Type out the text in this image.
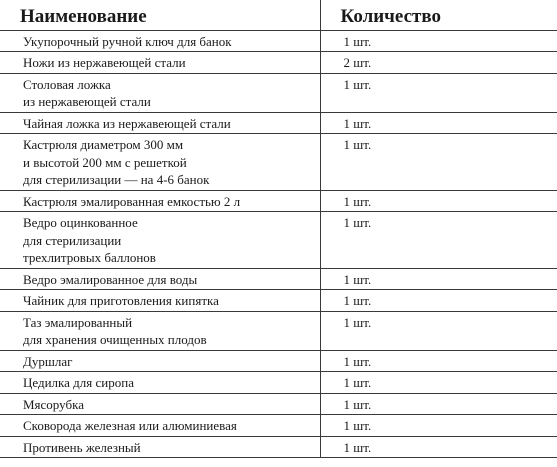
Наименование	Количество

Укупорочный ручной ключ для банок	1 шт.

Ножи из нержавеющей стали	2 шт.

Столовая ложка
из нержавеющей стали	1 шт.

Чайная ложка из нержавеющей стали	1 шт.

Кастрюля диаметром 300 мм
и высотой 200 мм с решеткой
для стерилизации — на 4-6 банок	1 шт.

Кастрюля эмалированная емкостью 2 л	1 шт.

Ведро оцинкованное
для стерилизации
трехлитровых баллонов	1 шт.

Ведро эмалированное для воды	1 шт.

Чайник для приготовления кипятка	1 шт.

Таз эмалированный
для хранения очищенных плодов	1 шт.

Дуршлаг	1 шт.

Цедилка для сиропа	1 шт.

Мясорубка	1 шт.

Сковорода железная или алюминиевая	1 шт.

Противень железный	1 шт.
